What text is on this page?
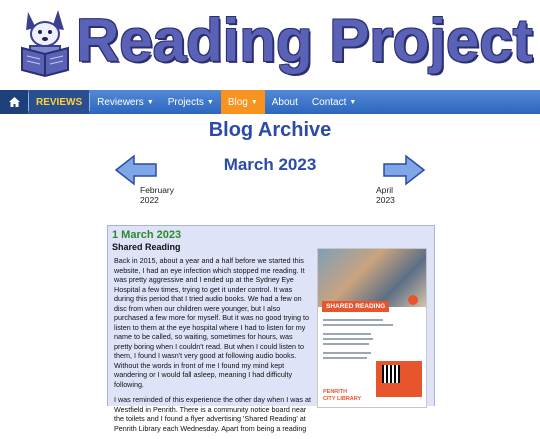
Reading Project
REVIEWS Reviewers ▼ Projects ▼ Blog ▼ About Contact ▼
Blog Archive
March 2023
February
2022
April
2023
1 March 2023
Shared Reading

Back in 2015, about a year and a half before we started this website, I had an eye infection which stopped me reading. It was pretty aggressive and I ended up at the Sydney Eye Hospital a few times, trying to get it under control. It was during this period that I tried audio books. We had a few on disc from when our children were younger, but I also purchased a few more for myself. But it was no good trying to listen to them at the eye hospital where I had to listen for my name to be called, so waiting, sometimes for hours, was pretty boring when I couldn't read. But when I could listen to them, I found I wasn't very good at following audio books. Without the words in front of me I found my mind kept wandering or I would fall asleep, meaning I had difficulty following.

I was reminded of this experience the other day when I was at Westfield in Penrith. There is a community notice board near the toilets and I found a flyer advertising 'Shared Reading' at Penrith Library each Wednesday. Apart from being a reading

SHARED READING
PENRITH
CITY LIBRARY
